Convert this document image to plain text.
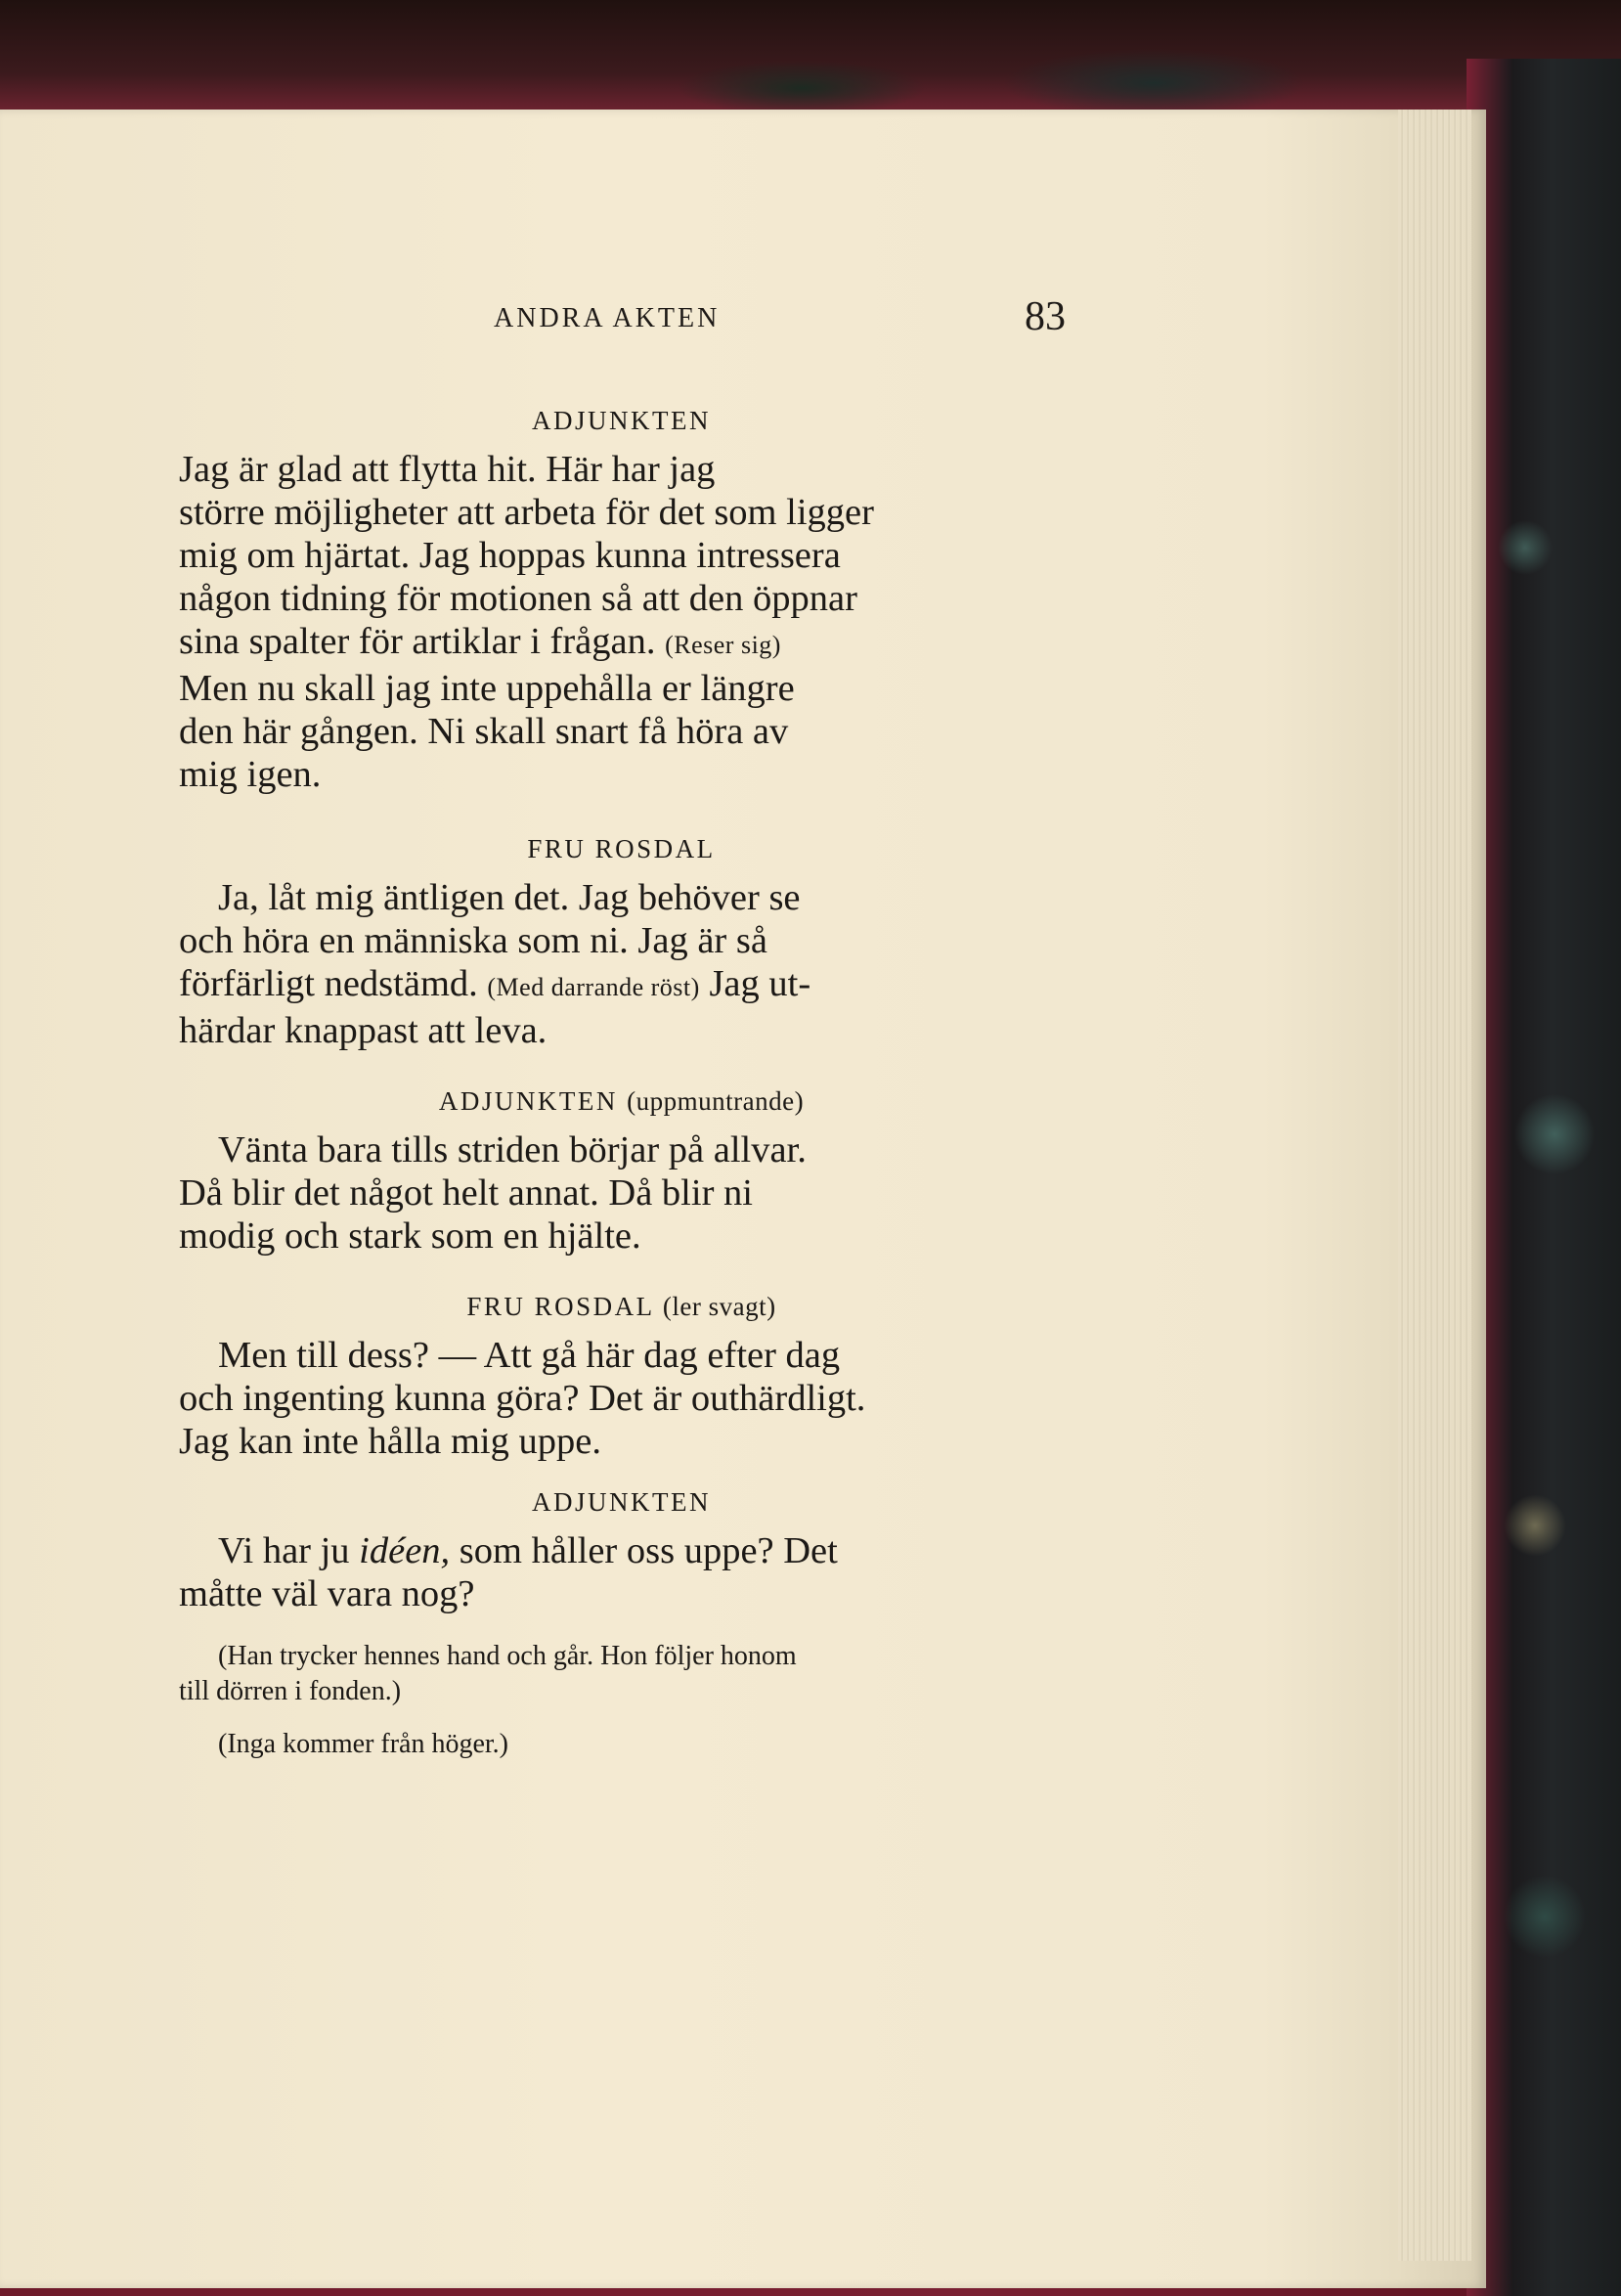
ANDRA AKTEN	83
ADJUNKTEN

Jag är glad att flytta hit. Här har jag

större möjligheter att arbeta för det som ligger

mig om hjärtat. Jag hoppas kunna intressera

någon tidning för motionen så att den öppnar

sina spalter för artiklar i frågan. (Reser sig)

Men nu skall jag inte uppehålla er längre

den här gången. Ni skall snart få höra av

mig igen.

FRU ROSDAL

Ja, låt mig äntligen det. Jag behöver se

och höra en människa som ni. Jag är så

förfärligt nedstämd. (Med darrande röst) Jag ut-

härdar knappast att leva.

ADJUNKTEN (uppmuntrande)

Vänta bara tills striden börjar på allvar.

Då blir det något helt annat. Då blir ni

modig och stark som en hjälte.

FRU ROSDAL (ler svagt)

Men till dess? — Att gå här dag efter dag

och ingenting kunna göra? Det är outhärdligt.

Jag kan inte hålla mig uppe.

ADJUNKTEN

Vi har ju idéen, som håller oss uppe? Det

måtte väl vara nog?

(Han trycker hennes hand och går. Hon följer honom

till dörren i fonden.)

(Inga kommer från höger.)
